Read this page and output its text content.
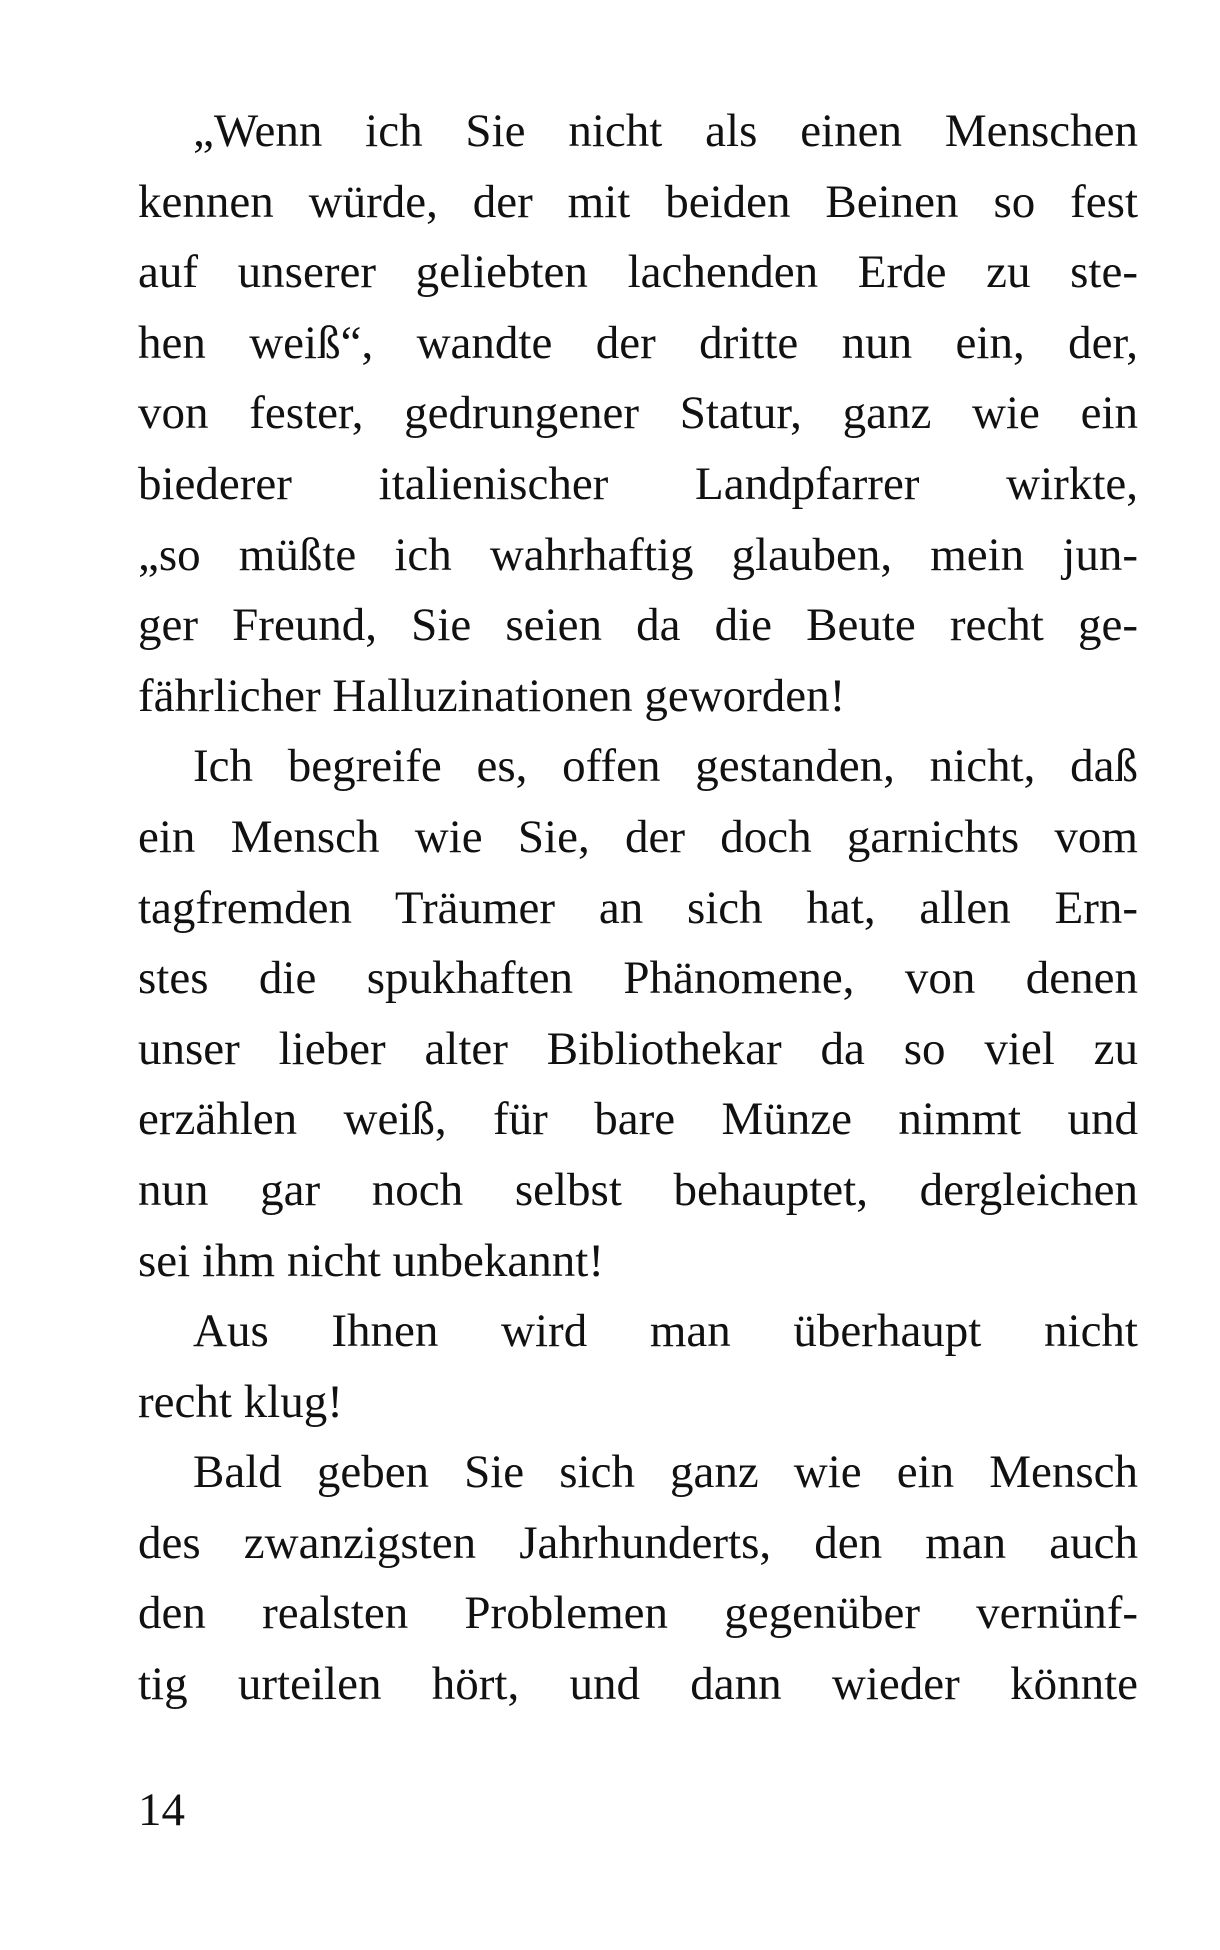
„Wenn ich Sie nicht als einen Menschen
kennen würde, der mit beiden Beinen so fest
auf unserer geliebten lachenden Erde zu ste-
hen weiß“, wandte der dritte nun ein, der,
von fester, gedrungener Statur, ganz wie ein
biederer italienischer Landpfarrer wirkte,
„so müßte ich wahrhaftig glauben, mein jun-
ger Freund, Sie seien da die Beute recht ge-
fährlicher Halluzinationen geworden!
Ich begreife es, offen gestanden, nicht, daß
ein Mensch wie Sie, der doch garnichts vom
tagfremden Träumer an sich hat, allen Ern-
stes die spukhaften Phänomene, von denen
unser lieber alter Bibliothekar da so viel zu
erzählen weiß, für bare Münze nimmt und
nun gar noch selbst behauptet, dergleichen
sei ihm nicht unbekannt!
Aus Ihnen wird man überhaupt nicht
recht klug!
Bald geben Sie sich ganz wie ein Mensch
des zwanzigsten Jahrhunderts, den man auch
den realsten Problemen gegenüber vernünf-
tig urteilen hört, und dann wieder könnte
14
